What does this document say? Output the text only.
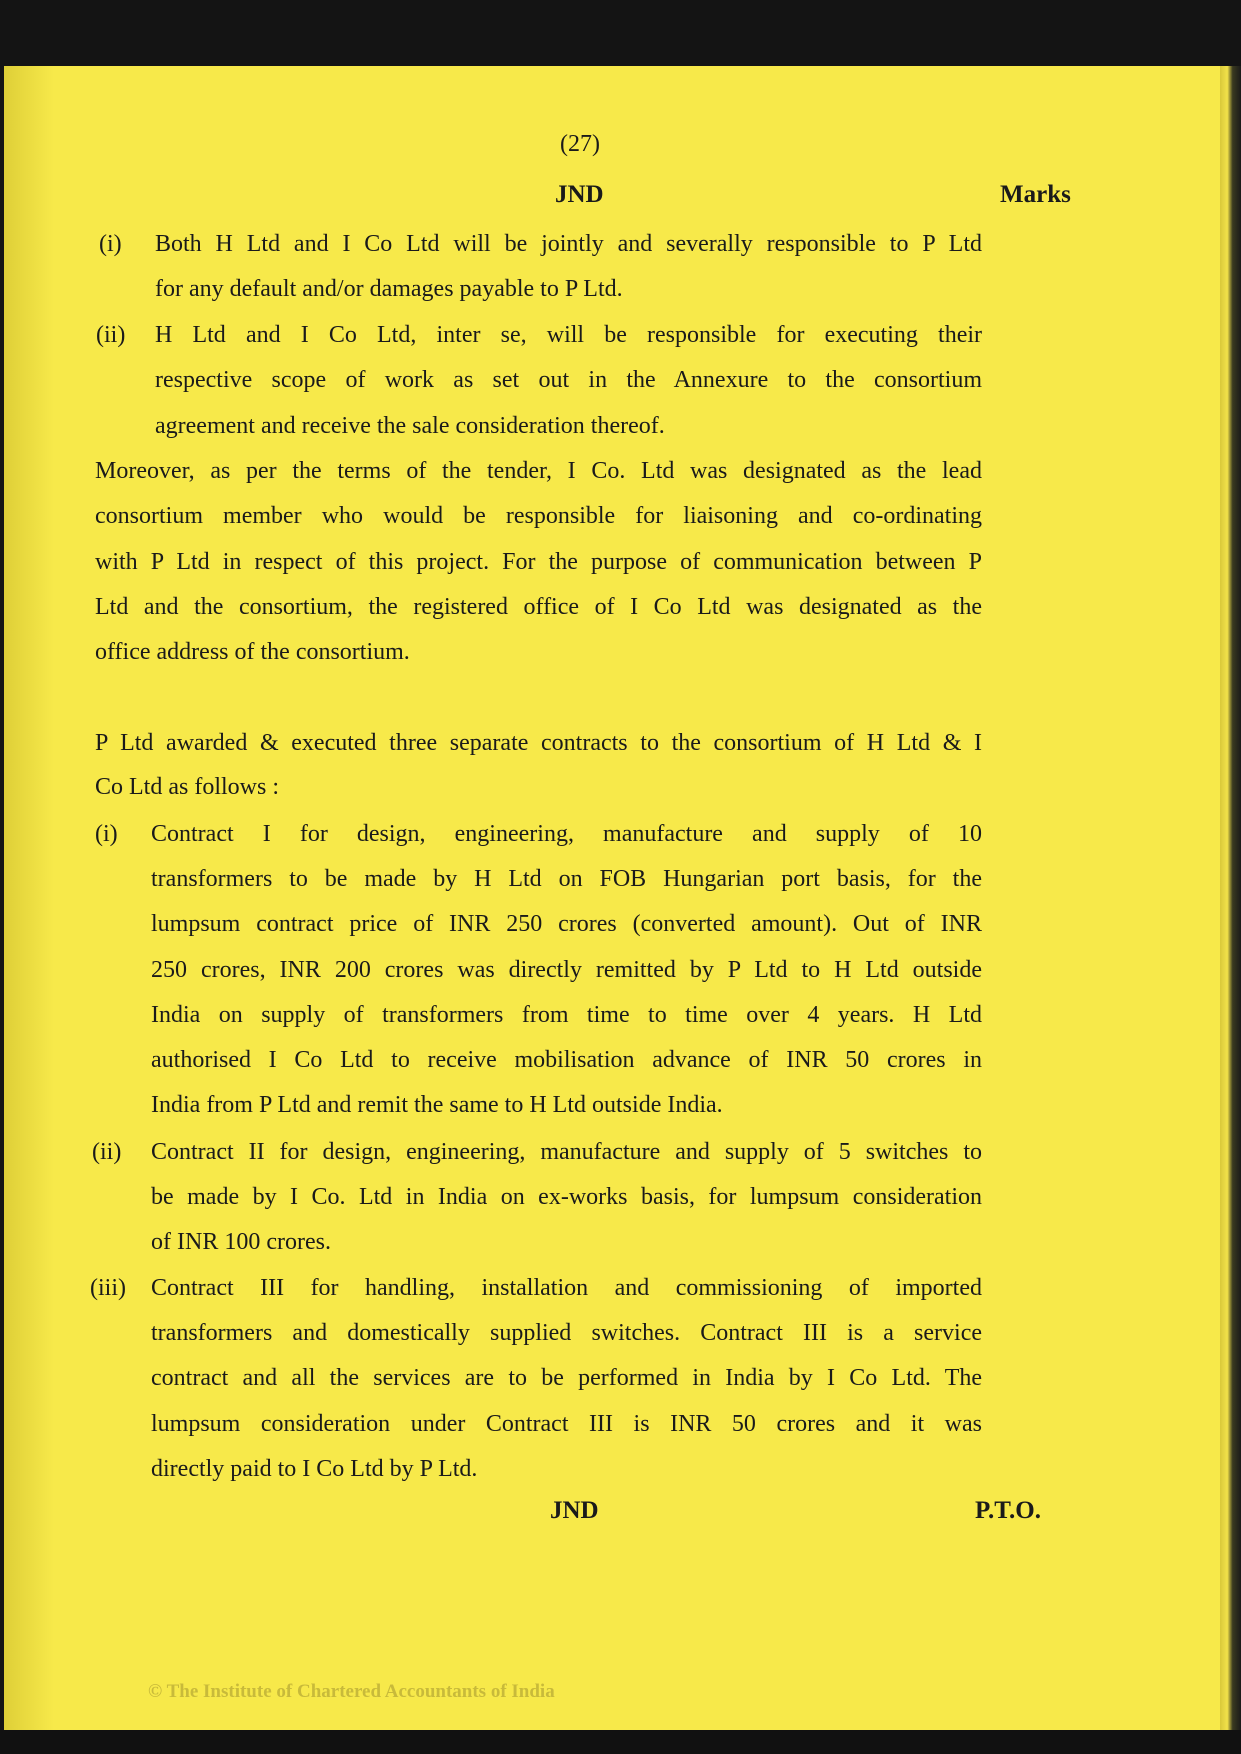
(27)
JND	Marks
(i) Both H Ltd and I Co Ltd will be jointly and severally responsible to P Ltd
for any default and/or damages payable to P Ltd.
(ii) H Ltd and I Co Ltd, inter se, will be responsible for executing their
respective scope of work as set out in the Annexure to the consortium
agreement and receive the sale consideration thereof.
Moreover, as per the terms of the tender, I Co. Ltd was designated as the lead
consortium member who would be responsible for liaisoning and co-ordinating
with P Ltd in respect of this project. For the purpose of communication between P
Ltd and the consortium, the registered office of I Co Ltd was designated as the
office address of the consortium.
P Ltd awarded & executed three separate contracts to the consortium of H Ltd & I
Co Ltd as follows :
(i) Contract I for design, engineering, manufacture and supply of 10
transformers to be made by H Ltd on FOB Hungarian port basis, for the
lumpsum contract price of INR 250 crores (converted amount). Out of INR
250 crores, INR 200 crores was directly remitted by P Ltd to H Ltd outside
India on supply of transformers from time to time over 4 years. H Ltd
authorised I Co Ltd to receive mobilisation advance of INR 50 crores in
India from P Ltd and remit the same to H Ltd outside India.
(ii) Contract II for design, engineering, manufacture and supply of 5 switches to
be made by I Co. Ltd in India on ex-works basis, for lumpsum consideration
of INR 100 crores.
(iii) Contract III for handling, installation and commissioning of imported
transformers and domestically supplied switches. Contract III is a service
contract and all the services are to be performed in India by I Co Ltd. The
lumpsum consideration under Contract III is INR 50 crores and it was
directly paid to I Co Ltd by P Ltd.
JND	P.T.O.
© The Institute of Chartered Accountants of India
